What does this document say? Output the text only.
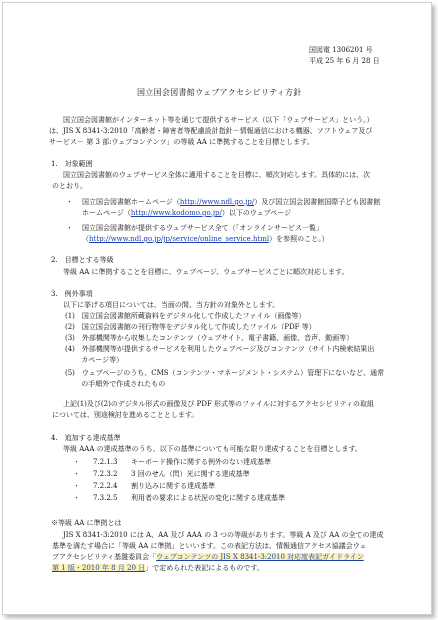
国図電 1306201 号
平成 25 年 6 月 28 日
国立国会図書館ウェブアクセシビリティ方針
国立国会図書館がインターネット等を通じて提供するサービス（以下「ウェブサービス」という。）
は、JIS X 8341-3:2010「高齢者・障害者等配慮設計指針－情報通信における機器、ソフトウェア及び
サービス－ 第 3 部:ウェブコンテンツ」の等級 AA に準拠することを目標とします。
1.　対象範囲
国立国会図書館のウェブサービス全体に適用することを目標に、順次対応します。具体的には、次
のとおり。
・ 国立国会図書館ホームページ（http://www.ndl.go.jp/）及び国立国会図書館国際子ども図書館
ホームページ（http://www.kodomo.go.jp/）以下のウェブページ
・ 国立国会図書館が提供するウェブサービス全て（「オンラインサービス一覧」
（http://www.ndl.go.jp/jp/service/online_service.html）を参照のこと。）
2.　目標とする等級
等級 AA に準拠することを目標に、ウェブページ、ウェブサービスごとに順次対応します。
3.　例外事項
以下に挙げる項目については、当面の間、当方針の対象外とします。
(1)　国立国会図書館所蔵資料をデジタル化して作成したファイル（画像等）
(2)　国立国会図書館の刊行物等をデジタル化して作成したファイル（PDF 等）
(3)　外部機関等から収集したコンテンツ（ウェブサイト、電子書籍、画像、音声、動画等）
(4)　外部機関等が提供するサービスを利用したウェブページ及びコンテンツ（サイト内検索結果出
　　 カページ等）
(5)　ウェブページのうち、CMS（コンテンツ・マネージメント・システム）管理下にないなど、通常
　　 の手順外で作成されたもの
上記(1)及び(2)のデジタル形式の画像及び PDF 形式等のファイルに対するアクセシビリティの取組
については、別途検討を進めることとします。
4.　追加する達成基準
等級 AAA の達成基準のうち、以下の基準についても可能な限り達成することを目標とします。
・ 7.2.1.3 キーボード操作に関する例外のない達成基準
・ 7.2.3.2 3 回のせん（閃）光に関する達成基準
・ 7.2.2.4 割り込みに関する達成基準
・ 7.3.2.5 利用者の要求による状況の変化に関する達成基準
※等級 AA に準拠とは
JIS X 8341-3:2010 には A、AA 及び AAA の 3 つの等級があります。等級 A 及び AA の全ての達成
基準を満たす場合に「等級 AA に準拠」といいます。この表記方法は、情報通信アクセス協議会ウェ
ブアクセシビリティ基盤委員会「ウェブコンテンツの JIS X 8341-3:2010 対応度表記ガイドライン
第 1 版・2010 年 8 月 20 日」で定められた表記によるものです。
